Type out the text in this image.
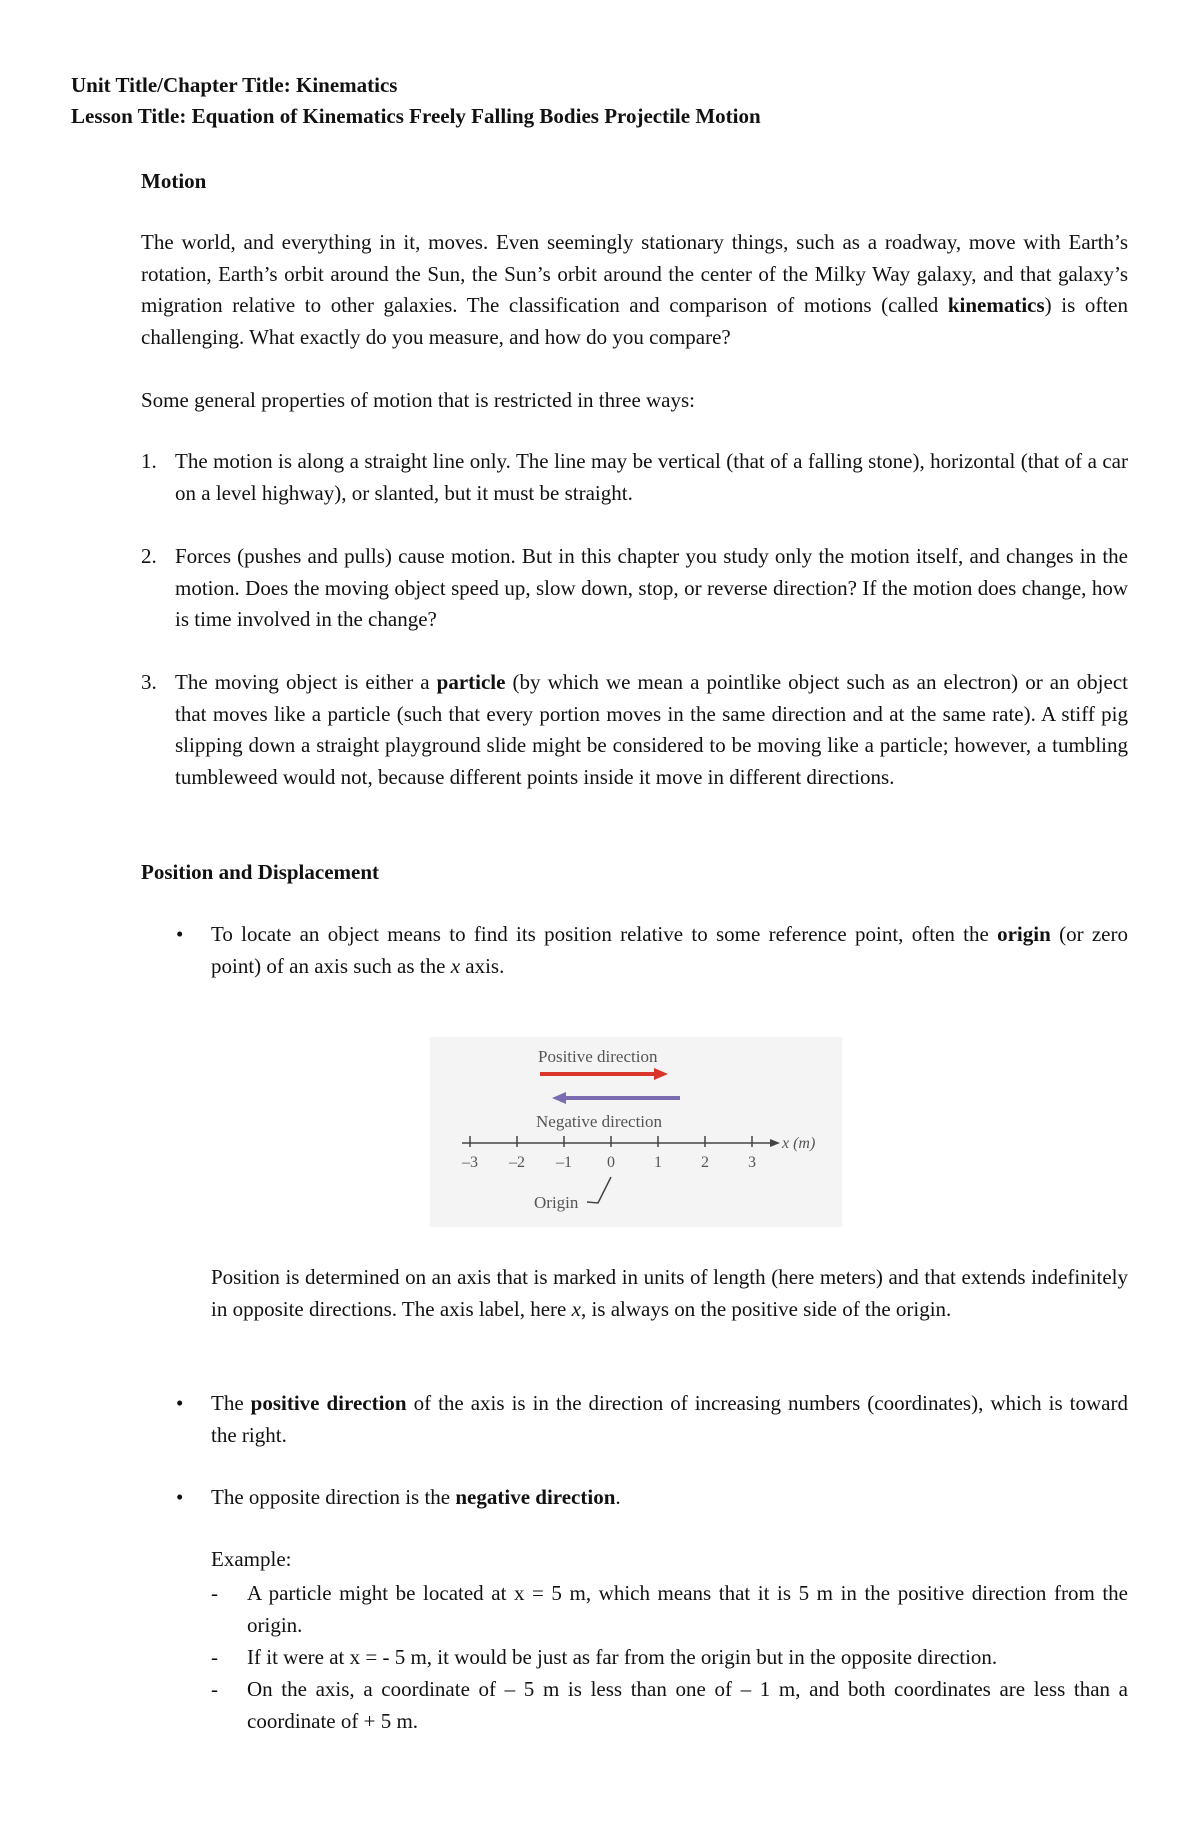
Unit Title/Chapter Title: Kinematics
Lesson Title: Equation of Kinematics Freely Falling Bodies Projectile Motion
Motion

The world, and everything in it, moves. Even seemingly stationary things, such as a roadway, move with Earth’s rotation, Earth’s orbit around the Sun, the Sun’s orbit around the center of the Milky Way galaxy, and that galaxy’s migration relative to other galaxies. The classification and comparison of motions (called kinematics) is often challenging. What exactly do you measure, and how do you compare?

Some general properties of motion that is restricted in three ways:
1. The motion is along a straight line only. The line may be vertical (that of a falling stone), horizontal (that of a car on a level highway), or slanted, but it must be straight.

2. Forces (pushes and pulls) cause motion. But in this chapter you study only the motion itself, and changes in the motion. Does the moving object speed up, slow down, stop, or reverse direction? If the motion does change, how is time involved in the change?

3. The moving object is either a particle (by which we mean a pointlike object such as an electron) or an object that moves like a particle (such that every portion moves in the same direction and at the same rate). A stiff pig slipping down a straight playground slide might be considered to be moving like a particle; however, a tumbling tumbleweed would not, because different points inside it move in different directions.

Position and Displacement
• To locate an object means to find its position relative to some reference point, often the origin (or zero point) of an axis such as the x axis.

Positive direction
Negative direction
x (m)
–3 –2 –1 0 1 2 3
Origin

Position is determined on an axis that is marked in units of length (here meters) and that extends indefinitely in opposite directions. The axis label, here x, is always on the positive side of the origin.

• The positive direction of the axis is in the direction of increasing numbers (coordinates), which is toward the right.

• The opposite direction is the negative direction.

Example:
- A particle might be located at x = 5 m, which means that it is 5 m in the positive direction from the origin.

- If it were at x = - 5 m, it would be just as far from the origin but in the opposite direction.

- On the axis, a coordinate of – 5 m is less than one of – 1 m, and both coordinates are less than a coordinate of + 5 m.
